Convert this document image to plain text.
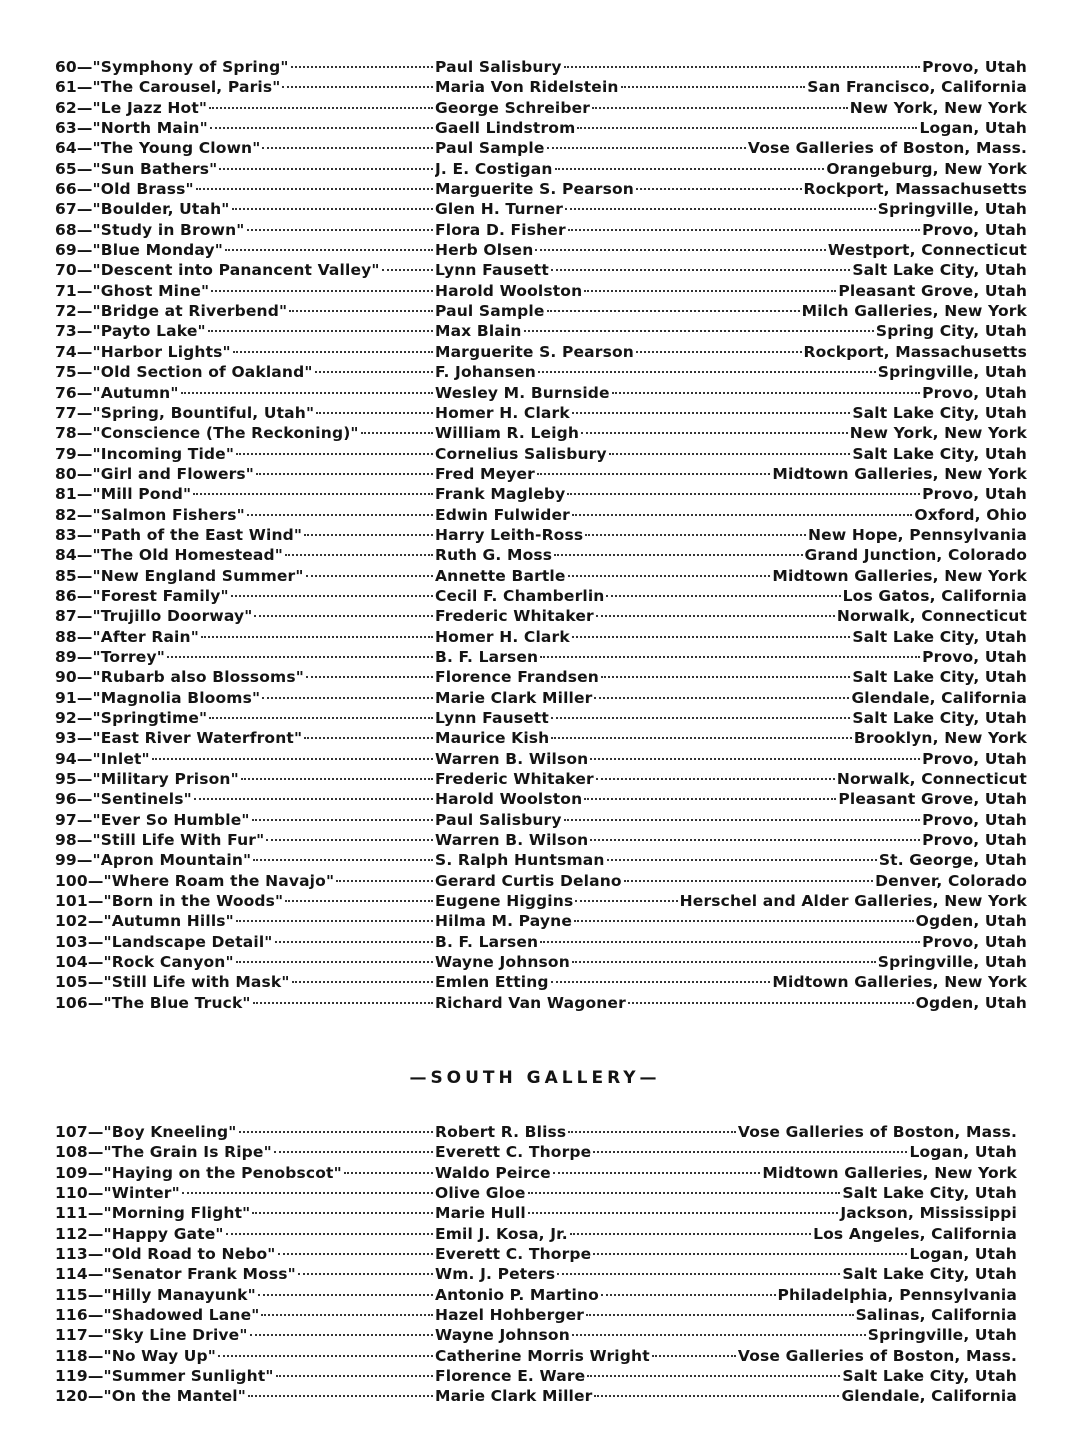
60 — "Symphony of Spring"	Paul Salisbury	Provo, Utah
61 — "The Carousel, Paris"	Maria Von Ridelstein	San Francisco, California
62 — "Le Jazz Hot"	George Schreiber	New York, New York
63 — "North Main"	Gaell Lindstrom	Logan, Utah
64 — "The Young Clown"	Paul Sample	Vose Galleries of Boston, Mass.
65 — "Sun Bathers"	J. E. Costigan	Orangeburg, New York
66 — "Old Brass"	Marguerite S. Pearson	Rockport, Massachusetts
67 — "Boulder, Utah"	Glen H. Turner	Springville, Utah
68 — "Study in Brown"	Flora D. Fisher	Provo, Utah
69 — "Blue Monday"	Herb Olsen	Westport, Connecticut
70 — "Descent into Panancent Valley"	Lynn Fausett	Salt Lake City, Utah
71 — "Ghost Mine"	Harold Woolston	Pleasant Grove, Utah
72 — "Bridge at Riverbend"	Paul Sample	Milch Galleries, New York
73 — "Payto Lake"	Max Blain	Spring City, Utah
74 — "Harbor Lights"	Marguerite S. Pearson	Rockport, Massachusetts
75 — "Old Section of Oakland"	F. Johansen	Springville, Utah
76 — "Autumn"	Wesley M. Burnside	Provo, Utah
77 — "Spring, Bountiful, Utah"	Homer H. Clark	Salt Lake City, Utah
78 — "Conscience (The Reckoning)"	William R. Leigh	New York, New York
79 — "Incoming Tide"	Cornelius Salisbury	Salt Lake City, Utah
80 — "Girl and Flowers"	Fred Meyer	Midtown Galleries, New York
81 — "Mill Pond"	Frank Magleby	Provo, Utah
82 — "Salmon Fishers"	Edwin Fulwider	Oxford, Ohio
83 — "Path of the East Wind"	Harry Leith-Ross	New Hope, Pennsylvania
84 — "The Old Homestead"	Ruth G. Moss	Grand Junction, Colorado
85 — "New England Summer"	Annette Bartle	Midtown Galleries, New York
86 — "Forest Family"	Cecil F. Chamberlin	Los Gatos, California
87 — "Trujillo Doorway"	Frederic Whitaker	Norwalk, Connecticut
88 — "After Rain"	Homer H. Clark	Salt Lake City, Utah
89 — "Torrey"	B. F. Larsen	Provo, Utah
90 — "Rubarb also Blossoms"	Florence Frandsen	Salt Lake City, Utah
91 — "Magnolia Blooms"	Marie Clark Miller	Glendale, California
92 — "Springtime"	Lynn Fausett	Salt Lake City, Utah
93 — "East River Waterfront"	Maurice Kish	Brooklyn, New York
94 — "Inlet"	Warren B. Wilson	Provo, Utah
95 — "Military Prison"	Frederic Whitaker	Norwalk, Connecticut
96 — "Sentinels"	Harold Woolston	Pleasant Grove, Utah
97 — "Ever So Humble"	Paul Salisbury	Provo, Utah
98 — "Still Life With Fur"	Warren B. Wilson	Provo, Utah
99 — "Apron Mountain"	S. Ralph Huntsman	St. George, Utah
100 — "Where Roam the Navajo"	Gerard Curtis Delano	Denver, Colorado
101 — "Born in the Woods"	Eugene Higgins	Herschel and Alder Galleries, New York
102 — "Autumn Hills"	Hilma M. Payne	Ogden, Utah
103 — "Landscape Detail"	B. F. Larsen	Provo, Utah
104 — "Rock Canyon"	Wayne Johnson	Springville, Utah
105 — "Still Life with Mask"	Emlen Etting	Midtown Galleries, New York
106 — "The Blue Truck"	Richard Van Wagoner	Ogden, Utah
—SOUTH GALLERY—
107 — "Boy Kneeling"	Robert R. Bliss	Vose Galleries of Boston, Mass.
108 — "The Grain Is Ripe"	Everett C. Thorpe	Logan, Utah
109 — "Haying on the Penobscot"	Waldo Peirce	Midtown Galleries, New York
110 — "Winter"	Olive Gloe	Salt Lake City, Utah
111 — "Morning Flight"	Marie Hull	Jackson, Mississippi
112 — "Happy Gate"	Emil J. Kosa, Jr.	Los Angeles, California
113 — "Old Road to Nebo"	Everett C. Thorpe	Logan, Utah
114 — "Senator Frank Moss"	Wm. J. Peters	Salt Lake City, Utah
115 — "Hilly Manayunk"	Antonio P. Martino	Philadelphia, Pennsylvania
116 — "Shadowed Lane"	Hazel Hohberger	Salinas, California
117 — "Sky Line Drive"	Wayne Johnson	Springville, Utah
118 — "No Way Up"	Catherine Morris Wright	Vose Galleries of Boston, Mass.
119 — "Summer Sunlight"	Florence E. Ware	Salt Lake City, Utah
120 — "On the Mantel"	Marie Clark Miller	Glendale, California
